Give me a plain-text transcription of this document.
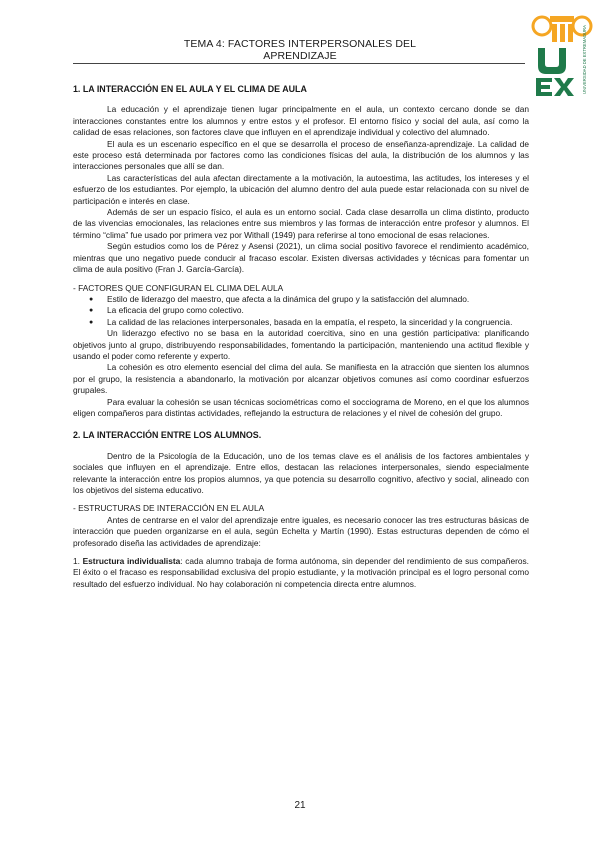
TEMA 4: FACTORES INTERPERSONALES DEL APRENDIZAJE	UNIVERSIDAD DE EXTREMADURA
1. LA INTERACCIÓN EN EL AULA Y EL CLIMA DE AULA

La educación y el aprendizaje tienen lugar principalmente en el aula, un contexto cercano donde se dan interacciones constantes entre los alumnos y entre estos y el profesor. El entorno físico y social del aula, así como la calidad de esas relaciones, son factores clave que influyen en el aprendizaje individual y colectivo del alumnado.

El aula es un escenario específico en el que se desarrolla el proceso de enseñanza-aprendizaje. La calidad de este proceso está determinada por factores como las condiciones físicas del aula, la distribución de los alumnos y las interacciones personales que allí se dan.

Las características del aula afectan directamente a la motivación, la autoestima, las actitudes, los intereses y el esfuerzo de los estudiantes. Por ejemplo, la ubicación del alumno dentro del aula puede estar relacionada con su nivel de participación e interés en clase.

Además de ser un espacio físico, el aula es un entorno social. Cada clase desarrolla un clima distinto, producto de las vivencias emocionales, las relaciones entre sus miembros y las formas de interacción entre profesor y alumnos. El término “clima” fue usado por primera vez por Withall (1949) para referirse al tono emocional de esas relaciones.

Según estudios como los de Pérez y Asensi (2021), un clima social positivo favorece el rendimiento académico, mientras que uno negativo puede conducir al fracaso escolar. Existen diversas actividades y técnicas para fomentar un clima de aula positivo (Fran J. García-García).

- FACTORES QUE CONFIGURAN EL CLIMA DEL AULA

● Estilo de liderazgo del maestro, que afecta a la dinámica del grupo y la satisfacción del alumnado.
● La eficacia del grupo como colectivo.
● La calidad de las relaciones interpersonales, basada en la empatía, el respeto, la sinceridad y la congruencia.

Un liderazgo efectivo no se basa en la autoridad coercitiva, sino en una gestión participativa: planificando objetivos junto al grupo, distribuyendo responsabilidades, fomentando la participación, manteniendo una actitud flexible y usando el poder como referente y experto.

La cohesión es otro elemento esencial del clima del aula. Se manifiesta en la atracción que sienten los alumnos por el grupo, la resistencia a abandonarlo, la motivación por alcanzar objetivos comunes así como coordinar esfuerzos grupales.

Para evaluar la cohesión se usan técnicas sociométricas como el socciograma de Moreno, en el que los alumnos eligen compañeros para distintas actividades, reflejando la estructura de relaciones y el nivel de cohesión del grupo.

2. LA INTERACCIÓN ENTRE LOS ALUMNOS.

Dentro de la Psicología de la Educación, uno de los temas clave es el análisis de los factores ambientales y sociales que influyen en el aprendizaje. Entre ellos, destacan las relaciones interpersonales, siendo especialmente relevante la interacción entre los propios alumnos, ya que potencia su desarrollo cognitivo, afectivo y social, alineado con los objetivos del sistema educativo.

- ESTRUCTURAS DE INTERACCIÓN EN EL AULA

Antes de centrarse en el valor del aprendizaje entre iguales, es necesario conocer las tres estructuras básicas de interacción que pueden organizarse en el aula, según Echelta y Martín (1990). Estas estructuras dependen de cómo el profesorado diseña las actividades de aprendizaje:

1. Estructura individualista: cada alumno trabaja de forma autónoma, sin depender del rendimiento de sus compañeros. El éxito o el fracaso es responsabilidad exclusiva del propio estudiante, y la motivación principal es el logro personal como resultado del esfuerzo individual. No hay colaboración ni competencia directa entre alumnos.

21
